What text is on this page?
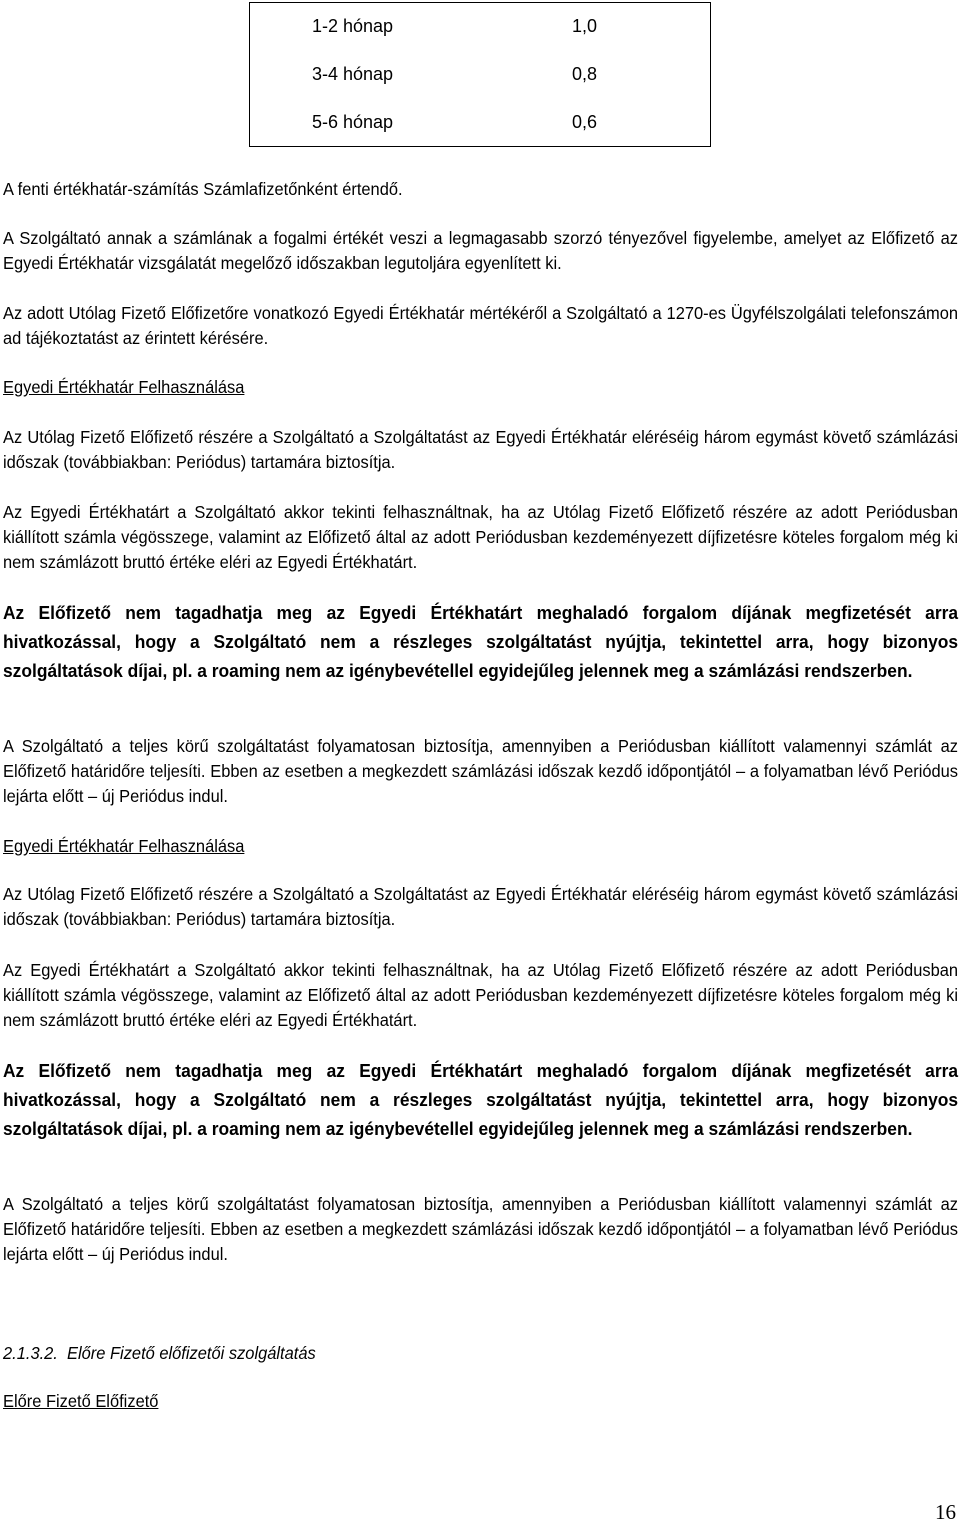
1-2 hónap	1,0
3-4 hónap	0,8
5-6 hónap	0,6

A fenti értékhatár-számítás Számlafizetőnként értendő.

A Szolgáltató annak a számlának a fogalmi értékét veszi a legmagasabb szorzó tényezővel figyelembe, amelyet az Előfizető az Egyedi Értékhatár vizsgálatát megelőző időszakban legutoljára egyenlített ki.

Az adott Utólag Fizető Előfizetőre vonatkozó Egyedi Értékhatár mértékéről a Szolgáltató a 1270-es Ügyfélszolgálati telefonszámon ad tájékoztatást az érintett kérésére.

Egyedi Értékhatár Felhasználása

Az Utólag Fizető Előfizető részére a Szolgáltató a Szolgáltatást az Egyedi Értékhatár eléréséig három egymást követő számlázási időszak (továbbiakban: Periódus) tartamára biztosítja.

Az Egyedi Értékhatárt a Szolgáltató akkor tekinti felhasználtnak, ha az Utólag Fizető Előfizető részére az adott Periódusban kiállított számla végösszege, valamint az Előfizető által az adott Periódusban kezdeményezett díjfizetésre köteles forgalom még ki nem számlázott bruttó értéke eléri az Egyedi Értékhatárt.

Az Előfizető nem tagadhatja meg az Egyedi Értékhatárt meghaladó forgalom díjának megfizetését arra hivatkozással, hogy a Szolgáltató nem a részleges szolgáltatást nyújtja, tekintettel arra, hogy bizonyos szolgáltatások díjai, pl. a roaming nem az igénybevétellel egyidejűleg jelennek meg a számlázási rendszerben.

A Szolgáltató a teljes körű szolgáltatást folyamatosan biztosítja, amennyiben a Periódusban kiállított valamennyi számlát az Előfizető határidőre teljesíti. Ebben az esetben a megkezdett számlázási időszak kezdő időpontjától – a folyamatban lévő Periódus lejárta előtt – új Periódus indul.

Egyedi Értékhatár Felhasználása

Az Utólag Fizető Előfizető részére a Szolgáltató a Szolgáltatást az Egyedi Értékhatár eléréséig három egymást követő számlázási időszak (továbbiakban: Periódus) tartamára biztosítja.

Az Egyedi Értékhatárt a Szolgáltató akkor tekinti felhasználtnak, ha az Utólag Fizető Előfizető részére az adott Periódusban kiállított számla végösszege, valamint az Előfizető által az adott Periódusban kezdeményezett díjfizetésre köteles forgalom még ki nem számlázott bruttó értéke eléri az Egyedi Értékhatárt.

Az Előfizető nem tagadhatja meg az Egyedi Értékhatárt meghaladó forgalom díjának megfizetését arra hivatkozással, hogy a Szolgáltató nem a részleges szolgáltatást nyújtja, tekintettel arra, hogy bizonyos szolgáltatások díjai, pl. a roaming nem az igénybevétellel egyidejűleg jelennek meg a számlázási rendszerben.

A Szolgáltató a teljes körű szolgáltatást folyamatosan biztosítja, amennyiben a Periódusban kiállított valamennyi számlát az Előfizető határidőre teljesíti. Ebben az esetben a megkezdett számlázási időszak kezdő időpontjától – a folyamatban lévő Periódus lejárta előtt – új Periódus indul.

2.1.3.2.  Előre Fizető előfizetői szolgáltatás

Előre Fizető Előfizető

16
